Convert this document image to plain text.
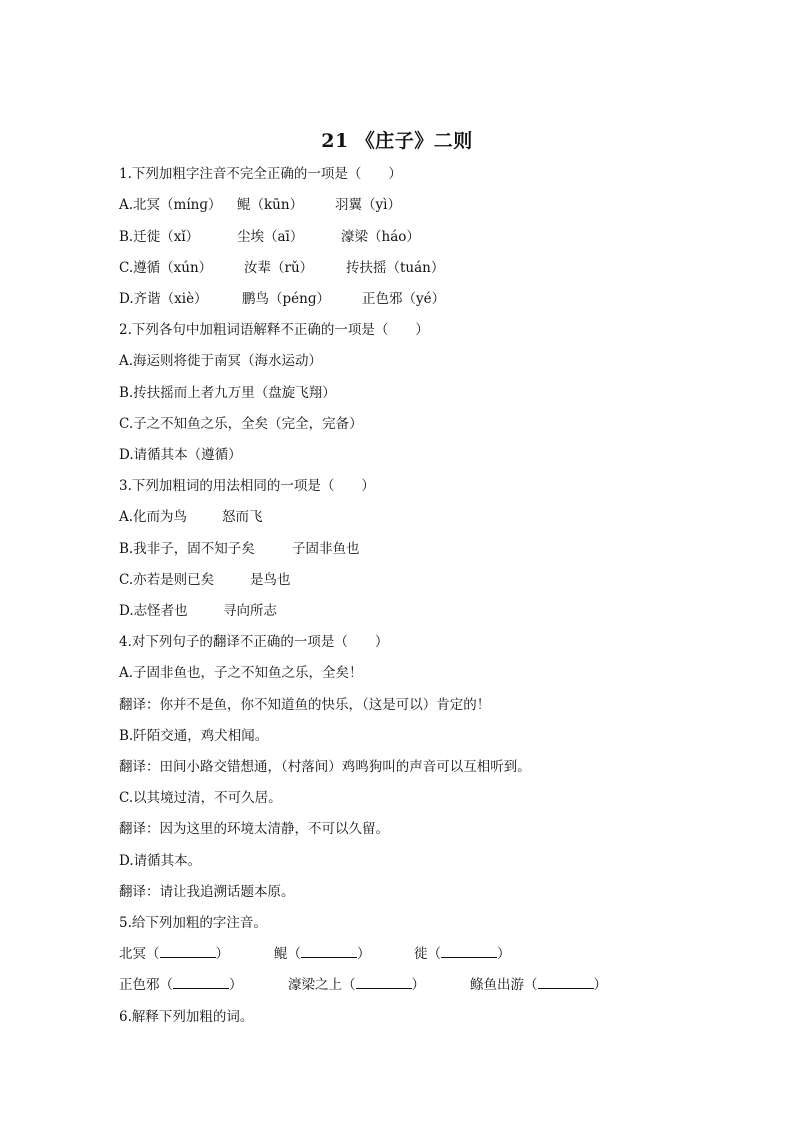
21 《庄子》二则
1.下列加粗字注音不完全正确的一项是（　　）
A.北冥（mínɡ） 鲲（kūn） 羽翼（yì）
B.迁徙（xǐ）	尘埃（aī）	濠梁（háo）
C.遵循（xún） 汝辈（rǔ） 抟扶摇（tuán）
D.齐谐（xiè）	鹏鸟（pénɡ） 正色邪（yé）
2.下列各句中加粗词语解释不正确的一项是（　　）
A.海运则将徙于南冥（海水运动）
B.抟扶摇而上者九万里（盘旋飞翔）
C.子之不知鱼之乐，全矣（完全，完备）
D.请循其本（遵循）
3.下列加粗词的用法相同的一项是（　　）
A.化而为鸟	怒而飞
B.我非子，固不知子矣	子固非鱼也
C.亦若是则已矣	是鸟也
D.志怪者也	寻向所志
4.对下列句子的翻译不正确的一项是（　　）
A.子固非鱼也，子之不知鱼之乐，全矣！
翻译：你并不是鱼，你不知道鱼的快乐，（这是可以）肯定的！
B.阡陌交通，鸡犬相闻。
翻译：田间小路交错想通，（村落间）鸡鸣狗叫的声音可以互相听到。
C.以其境过清，不可久居。
翻译：因为这里的环境太清静，不可以久留。
D.请循其本。
翻译：请让我追溯话题本原。
5.给下列加粗的字注音。
北冥（	）	鲲（	）	徙（	）
正色邪（	）	濠梁之上（	）	鲦鱼出游（	）
6.解释下列加粗的词。
